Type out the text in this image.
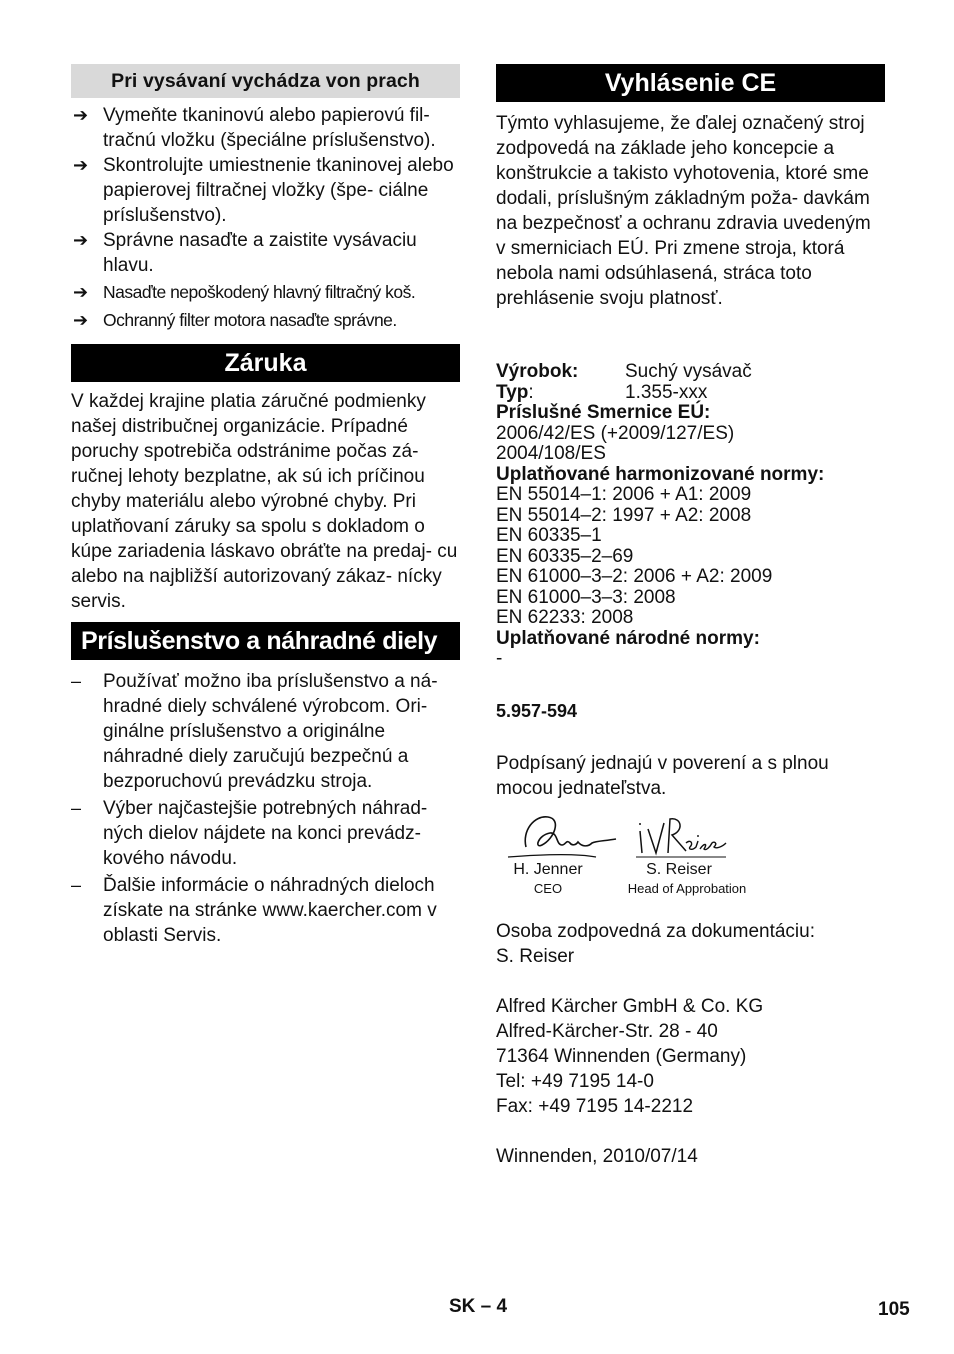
Pri vysávaní vychádza von prach
➔ Vymeňte tkaninovú alebo papierovú fil- tračnú vložku (špeciálne príslušenstvo).
➔ Skontrolujte umiestnenie tkaninovej alebo papierovej filtračnej vložky (špe- ciálne príslušenstvo).
➔ Správne nasaďte a zaistite vysávaciu hlavu.
➔ Nasaďte nepoškodený hlavný filtračný koš.
➔ Ochranný filter motora nasaďte správne.
Záruka

V každej krajine platia záručné podmienky našej distribučnej organizácie. Prípadné poruchy spotrebiča odstránime počas zá- ručnej lehoty bezplatne, ak sú ich príčinou chyby materiálu alebo výrobné chyby. Pri uplatňovaní záruky sa spolu s dokladom o kúpe zariadenia láskavo obráťte na predaj- cu alebo na najbližší autorizovaný zákaz- nícky servis.

Príslušenstvo a náhradné diely
– Používať možno iba príslušenstvo a ná- hradné diely schválené výrobcom. Ori- ginálne príslušenstvo a originálne náhradné diely zaručujú bezpečnú a bezporuchovú prevádzku stroja.
– Výber najčastejšie potrebných náhrad- ných dielov nájdete na konci prevádz- kového návodu.
– Ďalšie informácie o náhradných dieloch získate na stránke www.kaercher.com v oblasti Servis.
Vyhlásenie CE

Týmto vyhlasujeme, že ďalej označený stroj zodpovedá na základe jeho koncepcie a konštrukcie a takisto vyhotovenia, ktoré sme dodali, príslušným základným poža- davkám na bezpečnosť a ochranu zdravia uvedeným v smerniciach EÚ. Pri zmene stroja, ktorá nebola nami odsúhlasená, stráca toto prehlásenie svoju platnosť.

Výrobok:	Suchý vysávač
Typ:	1.355-xxx
Príslušné Smernice EÚ:
2006/42/ES (+2009/127/ES)
2004/108/ES
Uplatňované harmonizované normy:
EN 55014–1: 2006 + A1: 2009
EN 55014–2: 1997 + A2: 2008
EN 60335–1
EN 60335–2–69
EN 61000–3–2: 2006 + A2: 2009
EN 61000–3–3: 2008
EN 62233: 2008
Uplatňované národné normy:
-
5.957-594

Podpísaný jednajú v poverení a s plnou mocou jednateľstva.

H. Jenner
CEO
S. Reiser
Head of Approbation
Osoba zodpovedná za dokumentáciu:
S. Reiser
Alfred Kärcher GmbH & Co. KG
Alfred-Kärcher-Str. 28 - 40
71364 Winnenden (Germany)
Tel: +49 7195 14-0
Fax: +49 7195 14-2212
Winnenden, 2010/07/14
SK – 4	105
